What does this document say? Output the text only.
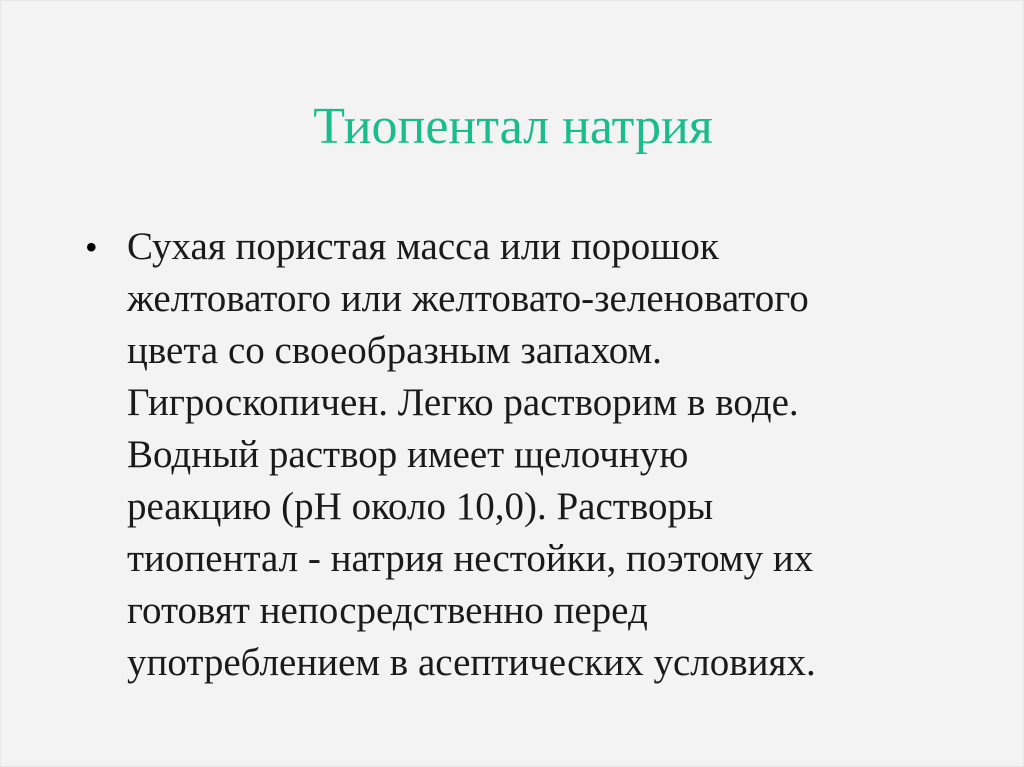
Тиопентал натрия
• Сухая пористая масса или порошок
желтоватого или желтовато-зеленоватого
цвета со своеобразным запахом.
Гигроскопичен. Легко растворим в воде.
Водный раствор имеет щелочную
реакцию (рН около 10,0). Растворы
тиопентал - натрия нестойки, поэтому их
готовят непосредственно перед
употреблением в асептических условиях.
